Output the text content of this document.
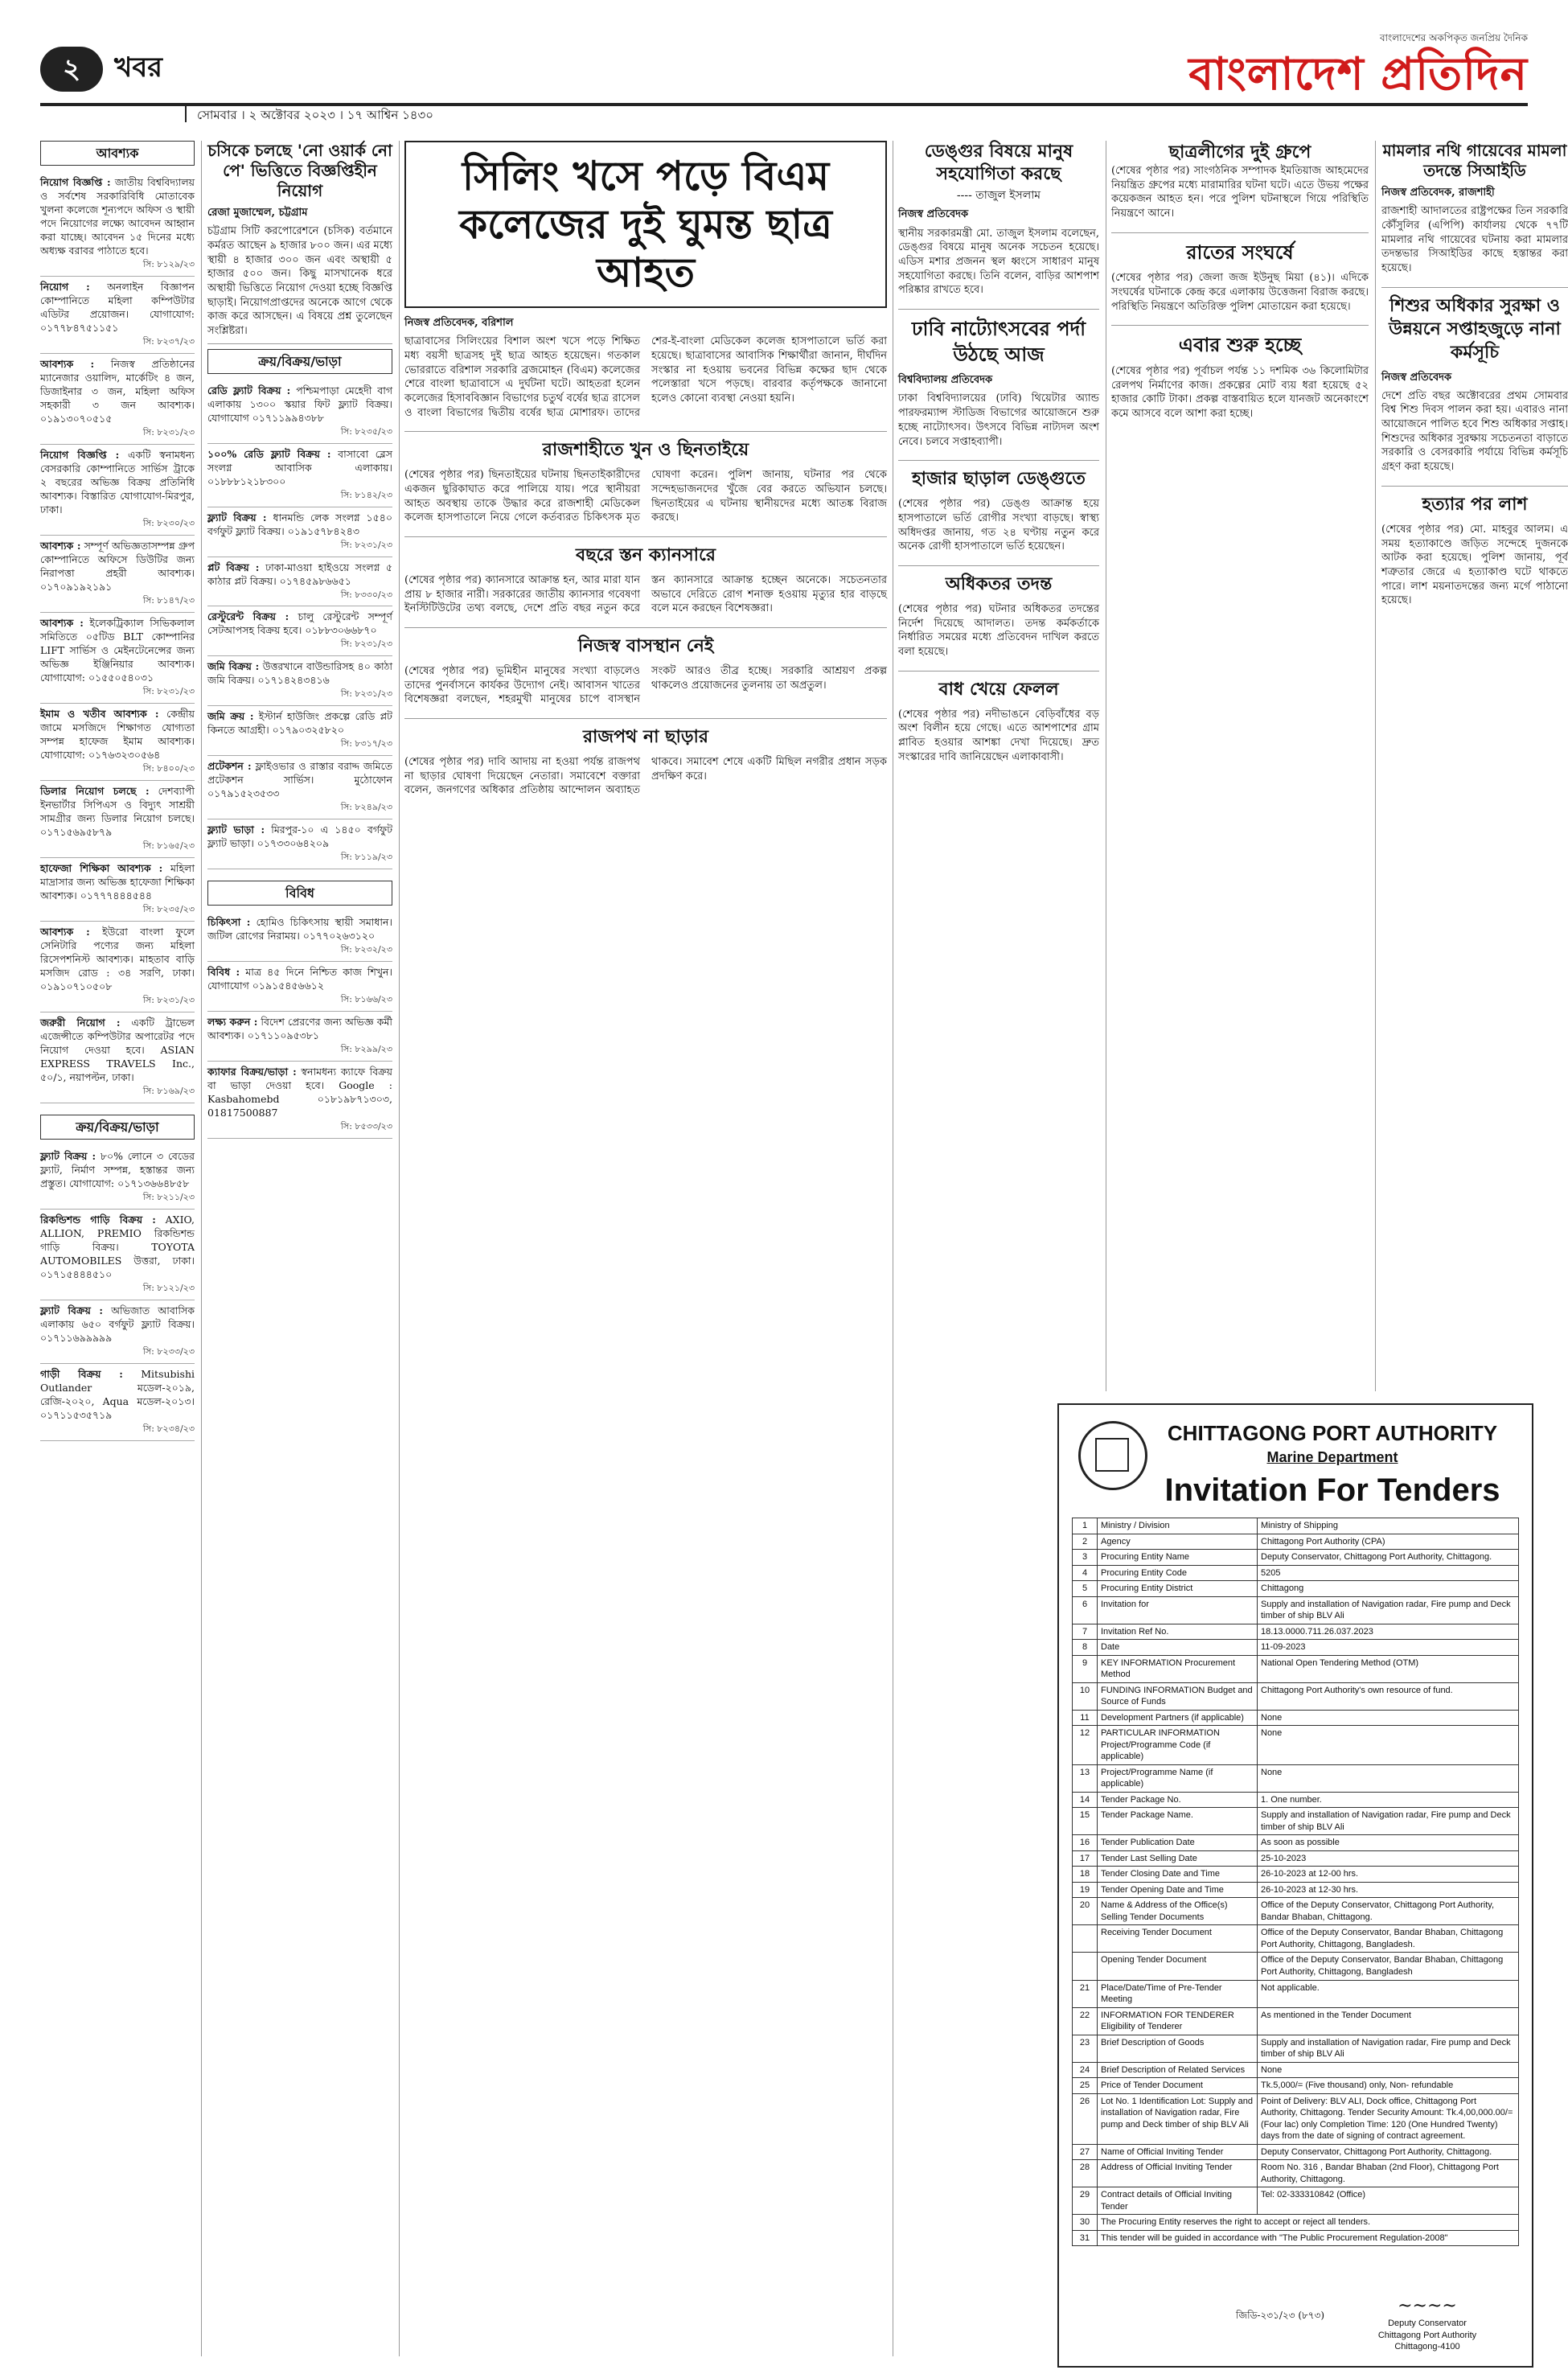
২	খবর
সোমবার । ২ অক্টোবর ২০২৩ । ১৭ আশ্বিন ১৪৩০
বাংলাদেশের অকপিকৃত জনপ্রিয় দৈনিক
বাংলাদেশ প্রতিদিন
আবশ্যক
নিয়োগ বিজ্ঞপ্তি : জাতীয় বিশ্ববিদ্যালয় ও সর্বশেষ সরকারিবিধি মোতাবেক খুলনা কলেজে শূন্যপদে অফিস ও স্থায়ী পদে নিয়োগের লক্ষ্যে আবেদন আহ্বান করা যাচ্ছে। আবেদন ১৫ দিনের মধ্যে অধ্যক্ষ বরাবর পাঠাতে হবে।
সি: ৮১২৯/২৩
নিয়োগ : অনলাইন বিজ্ঞাপন কোম্পানিতে মহিলা কম্পিউটার এডিটর প্রয়োজন। যোগাযোগ: ০১৭৭৮৪৭৫১১৫১
সি: ৮২৩৭/২৩
আবশ্যক : নিজস্ব প্রতিষ্ঠানের ম্যানেজার ওয়ালিদ, মার্কেটিং ৪ জন, ডিজাইনার ৩ জন, মহিলা অফিস সহকারী ৩ জন আবশ্যক। ০১৯১৩০৭০৫১৫
সি: ৮২৩১/২৩
নিয়োগ বিজ্ঞপ্তি : একটি স্বনামধন্য বেসরকারি কোম্পানিতে সার্ভিস ট্রাকে ২ বছরের অভিজ্ঞ বিক্রয় প্রতিনিধি আবশ্যক। বিস্তারিত যোগাযোগ-মিরপুর, ঢাকা।
সি: ৮২৩০/২৩
আবশ্যক : সম্পূর্ণ অভিজ্ঞতাসম্পন্ন গ্রুপ কোম্পানিতে অফিসে ডিউটির জন্য নিরাপত্তা প্রহরী আবশ্যক। ০১৭০৯১৯২১৯১
সি: ৮১৪৭/২৩
আবশ্যক : ইলেকট্রিক্যাল সিভিকলাল সমিতিতে ০৫টিড BLT কোম্পানির LIFT সার্ভিস ও মেইনটেনেন্সের জন্য অভিজ্ঞ ইঞ্জিনিয়ার আবশ্যক। যোগাযোগ: ০১৫৫০৫৪০৩১
সি: ৮২৩১/২৩
ইমাম ও খতীব আবশ্যক : কেন্দ্রীয় জামে মসজিদে শিক্ষাগত যোগ্যতা সম্পন্ন হাফেজ ইমাম আবশ্যক। যোগাযোগ: ০১৭৬৩২৩০৫৬৪
সি: ৮৪০০/২৩
ডিলার নিয়োগ চলছে : দেশব্যাপী ইনভার্টার সিপিএস ও বিদ্যুৎ সাশ্রয়ী সামগ্রীর জন্য ডিলার নিয়োগ চলছে। ০১৭১৫৬৯৫৮৭৯
সি: ৮১৬৫/২৩
হাফেজা শিক্ষিকা আবশ্যক : মহিলা মাদ্রাসার জন্য অভিজ্ঞ হাফেজা শিক্ষিকা আবশ্যক। ০১৭৭৭৪৪৪৫৪৪
সি: ৮২৩৫/২৩
আবশ্যক : ইউরো বাংলা ফুলে সেনিটারি পণ্যের জন্য মহিলা রিসেপশনিস্ট আবশ্যক। মাহতাব বাড়ি মসজিদ রোড : ৩৪ সরণি, ঢাকা। ০১৯১০৭১০৫০৮
সি: ৮২৩১/২৩
জরুরী নিয়োগ : একটি ট্রাভেল এজেন্সীতে কম্পিউটার অপারেটর পদে নিয়োগ দেওয়া হবে। ASIAN EXPRESS TRAVELS Inc., ৫০/১, নয়াপল্টন, ঢাকা।
সি: ৮১৬৯/২৩
ক্রয়/বিক্রয়/ভাড়া
ফ্ল্যাট বিক্রয় : ৮০% লোনে ৩ বেডের ফ্ল্যাট, নির্মাণ সম্পন্ন, হস্তান্তর জন্য প্রস্তুত। যোগাযোগ: ০১৭১৩৬৬৪৮৫৮
সি: ৮২১১/২৩
রিকন্ডিশন্ড গাড়ি বিক্রয় : AXIO, ALLION, PREMIO রিকন্ডিশন্ড গাড়ি বিক্রয়। TOYOTA AUTOMOBILES উত্তরা, ঢাকা। ০১৭১৫৪৪৪৫১০
সি: ৮১২১/২৩
ফ্ল্যাট বিক্রয় : অভিজাত আবাসিক এলাকায় ৬৫০ বর্গফুট ফ্ল্যাট বিক্রয়। ০১৭১১৬৯৯৯৯৯
সি: ৮২৩৩/২৩
গাড়ী বিক্রয় : Mitsubishi Outlander মডেল-২০১৯, রেজি-২০২০, Aqua মডেল-২০১৩। ০১৭১১৫৩৫৭১৯
সি: ৮২৩৪/২৩
চসিকে চলছে 'নো ওয়ার্ক নো পে' ভিত্তিতে বিজ্ঞপ্তিহীন নিয়োগ
রেজা মুজাম্মেল, চট্টগ্রাম
চট্টগ্রাম সিটি করপোরেশনে (চসিক) বর্তমানে কর্মরত আছেন ৯ হাজার ৮০০ জন। এর মধ্যে স্থায়ী ৪ হাজার ৩০০ জন এবং অস্থায়ী ৫ হাজার ৫০০ জন। কিছু মাসখানেক ধরে অস্থায়ী ভিত্তিতে নিয়োগ দেওয়া হচ্ছে বিজ্ঞপ্তি ছাড়াই। নিয়োগপ্রাপ্তদের অনেকে আগে থেকে কাজ করে আসছেন। এ বিষয়ে প্রশ্ন তুলেছেন সংশ্লিষ্টরা।
ক্রয়/বিক্রয়/ভাড়া
রেডি ফ্ল্যাট বিক্রয় : পশ্চিমপাড়া মেহেদী বাগ এলাকায় ১৩০০ স্কয়ার ফিট ফ্ল্যাট বিক্রয়। যোগাযোগ ০১৭১১৯৯৪৩৮৮
সি: ৮২৩৫/২৩
১০০% রেডি ফ্ল্যাট বিক্রয় : বাসাবো ব্লেস সংলগ্ন আবাসিক এলাকায়। ০১৮৮৮১২১৮৩০০
সি: ৮১৪২/২৩
ফ্ল্যাট বিক্রয় : ধানমন্ডি লেক সংলগ্ন ১৫৪০ বর্গফুট ফ্ল্যাট বিক্রয়। ০১৯১৫৭৮৪২৪৩
সি: ৮২৩১/২৩
প্লট বিক্রয় : ঢাকা-মাওয়া হাইওয়ে সংলগ্ন ৫ কাঠার প্লট বিক্রয়। ০১৭৪৫৯৮৬৬৫১
সি: ৮৩৩০/২৩
রেস্টুরেন্ট বিক্রয় : চালু রেস্টুরেন্ট সম্পূর্ণ সেটআপসহ বিক্রয় হবে। ০১৮৮৩০৬৬৮৭০
সি: ৮২৩১/২৩
জমি বিক্রয় : উত্তরখানে বাউন্ডারিসহ ৪০ কাঠা জমি বিক্রয়। ০১৭১৪২৪৩৪১৬
সি: ৮২৩১/২৩
জমি ক্রয় : ইস্টার্ন হাউজিং প্রকল্পে রেডি প্লট কিনতে আগ্রহী। ০১৭৯০৩২৫৮২০
সি: ৮৩১৭/২৩
প্রটেকশন : ফ্লাইওভার ও রাস্তার বরাদ্দ জমিতে প্রটেকশন সার্ভিস। মুঠোফোন ০১৭৯১৫২৩৫৩৩
সি: ৮২৪৯/২৩
ফ্ল্যাট ভাড়া : মিরপুর-১০ এ ১৪৫০ বর্গফুট ফ্ল্যাট ভাড়া। ০১৭৩৩০৬৪২০৯
সি: ৮১১৯/২৩
বিবিধ
চিকিৎসা : হোমিও চিকিৎসায় স্থায়ী সমাধান। জটিল রোগের নিরাময়। ০১৭৭০২৬৩১২০
সি: ৮২৩২/২৩
বিবিধ : মাত্র ৪৫ দিনে নিশ্চিত কাজ শিখুন। যোগাযোগ ০১৯১৫৪৫৬৬১২
সি: ৮১৬৬/২৩
লক্ষ্য করুন : বিদেশ প্রেরণের জন্য অভিজ্ঞ কর্মী আবশ্যক। ০১৭১১০৯৫৩৮১
সি: ৮২৯৯/২৩
ক্যাফার বিক্রয়/ভাড়া : স্বনামধন্য ক্যাফে বিক্রয় বা ভাড়া দেওয়া হবে। Google : Kasbahomebd ০১৮১৯৮৭১৩০৩, 01817500887
সি: ৮৫৩৩/২৩
সিলিং খসে পড়ে বিএম কলেজের দুই ঘুমন্ত ছাত্র আহত
নিজস্ব প্রতিবেদক, বরিশাল
ছাত্রাবাসের সিলিংয়ের বিশাল অংশ খসে পড়ে শিক্ষিত মধ্য বয়সী ছাত্রসহ দুই ছাত্র আহত হয়েছেন। গতকাল ভোররাতে বরিশাল সরকারি ব্রজমোহন (বিএম) কলেজের শেরে বাংলা ছাত্রাবাসে এ দুর্ঘটনা ঘটে। আহতরা হলেন কলেজের হিসাববিজ্ঞান বিভাগের চতুর্থ বর্ষের ছাত্র রাসেল ও বাংলা বিভাগের দ্বিতীয় বর্ষের ছাত্র মোশারফ। তাদের শের-ই-বাংলা মেডিকেল কলেজ হাসপাতালে ভর্তি করা হয়েছে। ছাত্রাবাসের আবাসিক শিক্ষার্থীরা জানান, দীর্ঘদিন সংস্কার না হওয়ায় ভবনের বিভিন্ন কক্ষের ছাদ থেকে পলেস্তারা খসে পড়ছে। বারবার কর্তৃপক্ষকে জানানো হলেও কোনো ব্যবস্থা নেওয়া হয়নি।
রাজশাহীতে খুন ও ছিনতাইয়ে
(শেষের পৃষ্ঠার পর) ছিনতাইয়ের ঘটনায় ছিনতাইকারীদের একজন ছুরিকাঘাত করে পালিয়ে যায়। পরে স্থানীয়রা আহত অবস্থায় তাকে উদ্ধার করে রাজশাহী মেডিকেল কলেজ হাসপাতালে নিয়ে গেলে কর্তব্যরত চিকিৎসক মৃত ঘোষণা করেন। পুলিশ জানায়, ঘটনার পর থেকে সন্দেহভাজনদের খুঁজে বের করতে অভিযান চলছে। ছিনতাইয়ের এ ঘটনায় স্থানীয়দের মধ্যে আতঙ্ক বিরাজ করছে।
বছরে স্তন ক্যানসারে
(শেষের পৃষ্ঠার পর) ক্যানসারে আক্রান্ত হন, আর মারা যান প্রায় ৮ হাজার নারী। সরকারের জাতীয় ক্যানসার গবেষণা ইনস্টিটিউটের তথ্য বলছে, দেশে প্রতি বছর নতুন করে স্তন ক্যানসারে আক্রান্ত হচ্ছেন অনেকে। সচেতনতার অভাবে দেরিতে রোগ শনাক্ত হওয়ায় মৃত্যুর হার বাড়ছে বলে মনে করছেন বিশেষজ্ঞরা।
নিজস্ব বাসস্থান নেই
(শেষের পৃষ্ঠার পর) ভূমিহীন মানুষের সংখ্যা বাড়লেও তাদের পুনর্বাসনে কার্যকর উদ্যোগ নেই। আবাসন খাতের বিশেষজ্ঞরা বলছেন, শহরমুখী মানুষের চাপে বাসস্থান সংকট আরও তীব্র হচ্ছে। সরকারি আশ্রয়ণ প্রকল্প থাকলেও প্রয়োজনের তুলনায় তা অপ্রতুল।
রাজপথ না ছাড়ার
(শেষের পৃষ্ঠার পর) দাবি আদায় না হওয়া পর্যন্ত রাজপথ না ছাড়ার ঘোষণা দিয়েছেন নেতারা। সমাবেশে বক্তারা বলেন, জনগণের অধিকার প্রতিষ্ঠায় আন্দোলন অব্যাহত থাকবে। সমাবেশ শেষে একটি মিছিল নগরীর প্রধান সড়ক প্রদক্ষিণ করে।
ডেঙ্গুর বিষয়ে মানুষ সহযোগিতা করছে
---- তাজুল ইসলাম
নিজস্ব প্রতিবেদক
স্থানীয় সরকারমন্ত্রী মো. তাজুল ইসলাম বলেছেন, ডেঙ্গুর বিষয়ে মানুষ অনেক সচেতন হয়েছে। এডিস মশার প্রজনন স্থল ধ্বংসে সাধারণ মানুষ সহযোগিতা করছে। তিনি বলেন, বাড়ির আশপাশ পরিষ্কার রাখতে হবে।
ঢাবি নাট্যোৎসবের পর্দা উঠছে আজ
বিশ্ববিদ্যালয় প্রতিবেদক
ঢাকা বিশ্ববিদ্যালয়ের (ঢাবি) থিয়েটার অ্যান্ড পারফরম্যান্স স্টাডিজ বিভাগের আয়োজনে শুরু হচ্ছে নাট্যোৎসব। উৎসবে বিভিন্ন নাট্যদল অংশ নেবে। চলবে সপ্তাহব্যাপী।
হাজার ছাড়াল ডেঙ্গুতে
(শেষের পৃষ্ঠার পর) ডেঙ্গু আক্রান্ত হয়ে হাসপাতালে ভর্তি রোগীর সংখ্যা বাড়ছে। স্বাস্থ্য অধিদপ্তর জানায়, গত ২৪ ঘণ্টায় নতুন করে অনেক রোগী হাসপাতালে ভর্তি হয়েছেন।
অধিকতর তদন্ত
(শেষের পৃষ্ঠার পর) ঘটনার অধিকতর তদন্তের নির্দেশ দিয়েছে আদালত। তদন্ত কর্মকর্তাকে নির্ধারিত সময়ের মধ্যে প্রতিবেদন দাখিল করতে বলা হয়েছে।
বাধ খেয়ে ফেলল
(শেষের পৃষ্ঠার পর) নদীভাঙনে বেড়িবাঁধের বড় অংশ বিলীন হয়ে গেছে। এতে আশপাশের গ্রাম প্লাবিত হওয়ার আশঙ্কা দেখা দিয়েছে। দ্রুত সংস্কারের দাবি জানিয়েছেন এলাকাবাসী।
ছাত্রলীগের দুই গ্রুপে
(শেষের পৃষ্ঠার পর) সাংগঠনিক সম্পাদক ইমতিয়াজ আহমেদের নিয়ন্ত্রিত গ্রুপের মধ্যে মারামারির ঘটনা ঘটে। এতে উভয় পক্ষের কয়েকজন আহত হন। পরে পুলিশ ঘটনাস্থলে গিয়ে পরিস্থিতি নিয়ন্ত্রণে আনে।
রাতের সংঘর্ষে
(শেষের পৃষ্ঠার পর) জেলা জজ ইউনুছ মিয়া (৪১)। এদিকে সংঘর্ষের ঘটনাকে কেন্দ্র করে এলাকায় উত্তেজনা বিরাজ করছে। পরিস্থিতি নিয়ন্ত্রণে অতিরিক্ত পুলিশ মোতায়েন করা হয়েছে।
এবার শুরু হচ্ছে
(শেষের পৃষ্ঠার পর) পূর্বাচল পর্যন্ত ১১ দশমিক ৩৬ কিলোমিটার রেলপথ নির্মাণের কাজ। প্রকল্পের মোট ব্যয় ধরা হয়েছে ৫২ হাজার কোটি টাকা। প্রকল্প বাস্তবায়িত হলে যানজট অনেকাংশে কমে আসবে বলে আশা করা হচ্ছে।
মামলার নথি গায়েবের মামলা তদন্তে সিআইডি
নিজস্ব প্রতিবেদক, রাজশাহী
রাজশাহী আদালতের রাষ্ট্রপক্ষের তিন সরকারি কৌঁসুলির (এপিপি) কার্যালয় থেকে ৭৭টি মামলার নথি গায়েবের ঘটনায় করা মামলার তদন্তভার সিআইডির কাছে হস্তান্তর করা হয়েছে।
শিশুর অধিকার সুরক্ষা ও উন্নয়নে সপ্তাহজুড়ে নানা কর্মসূচি
নিজস্ব প্রতিবেদক
দেশে প্রতি বছর অক্টোবরের প্রথম সোমবার বিশ্ব শিশু দিবস পালন করা হয়। এবারও নানা আয়োজনে পালিত হবে শিশু অধিকার সপ্তাহ। শিশুদের অধিকার সুরক্ষায় সচেতনতা বাড়াতে সরকারি ও বেসরকারি পর্যায়ে বিভিন্ন কর্মসূচি গ্রহণ করা হয়েছে।
হত্যার পর লাশ
(শেষের পৃষ্ঠার পর) মো. মাহবুর আলম। এ সময় হত্যাকাণ্ডে জড়িত সন্দেহে দুজনকে আটক করা হয়েছে। পুলিশ জানায়, পূর্ব শত্রুতার জেরে এ হত্যাকাণ্ড ঘটে থাকতে পারে। লাশ ময়নাতদন্তের জন্য মর্গে পাঠানো হয়েছে।
CHITTAGONG PORT AUTHORITY
Marine Department
Invitation For Tenders
1	Ministry / Division	Ministry of Shipping
2	Agency	Chittagong Port Authority (CPA)
3	Procuring Entity Name	Deputy Conservator, Chittagong Port Authority, Chittagong.
4	Procuring Entity Code	5205
5	Procuring Entity District	Chittagong
6	Invitation for	Supply and installation of Navigation radar, Fire pump and Deck timber of ship BLV Ali
7	Invitation Ref No.	18.13.0000.711.26.037.2023
8	Date	11-09-2023
9	KEY INFORMATION Procurement Method	National Open Tendering Method (OTM)
10	FUNDING INFORMATION Budget and Source of Funds	Chittagong Port Authority's own resource of fund.
11	Development Partners (if applicable)	None
12	PARTICULAR INFORMATION Project/Programme Code (if applicable)	None
13	Project/Programme Name (if applicable)	None
14	Tender Package No.	1. One number.
15	Tender Package Name.	Supply and installation of Navigation radar, Fire pump and Deck timber of ship BLV Ali
16	Tender Publication Date	As soon as possible
17	Tender Last Selling Date	25-10-2023
18	Tender Closing Date and Time	26-10-2023 at 12-00 hrs.
19	Tender Opening Date and Time	26-10-2023 at 12-30 hrs.
20	Name & Address of the Office(s) Selling Tender Documents	Office of the Deputy Conservator, Chittagong Port Authority, Bandar Bhaban, Chittagong.
	Receiving Tender Document	Office of the Deputy Conservator, Bandar Bhaban, Chittagong Port Authority, Chittagong, Bangladesh.
	Opening Tender Document	Office of the Deputy Conservator, Bandar Bhaban, Chittagong Port Authority, Chittagong, Bangladesh
21	Place/Date/Time of Pre-Tender Meeting	Not applicable.
22	INFORMATION FOR TENDERER Eligibility of Tenderer	As mentioned in the Tender Document
23	Brief Description of Goods	Supply and installation of Navigation radar, Fire pump and Deck timber of ship BLV Ali
24	Brief Description of Related Services	None
25	Price of Tender Document	Tk.5,000/= (Five thousand) only, Non- refundable
26	Lot No. 1 Identification Lot: Supply and installation of Navigation radar, Fire pump and Deck timber of ship BLV Ali	Point of Delivery: BLV ALI, Dock office, Chittagong Port Authority, Chittagong. Tender Security Amount: Tk.4,00,000.00/= (Four lac) only Completion Time: 120 (One Hundred Twenty) days from the date of signing of contract agreement.
27	Name of Official Inviting Tender	Deputy Conservator, Chittagong Port Authority, Chittagong.
28	Address of Official Inviting Tender	Room No. 316 , Bandar Bhaban (2nd Floor), Chittagong Port Authority, Chittagong.
29	Contract details of Official Inviting Tender	Tel: 02-333310842 (Office)
30	The Procuring Entity reserves the right to accept or reject all tenders.	
31	This tender will be guided in accordance with "The Public Procurement Regulation-2008"	
জিডি-২৩১/২৩ (৮৭৩)	~~~~
Deputy Conservator
Chittagong Port Authority
Chittagong-4100
